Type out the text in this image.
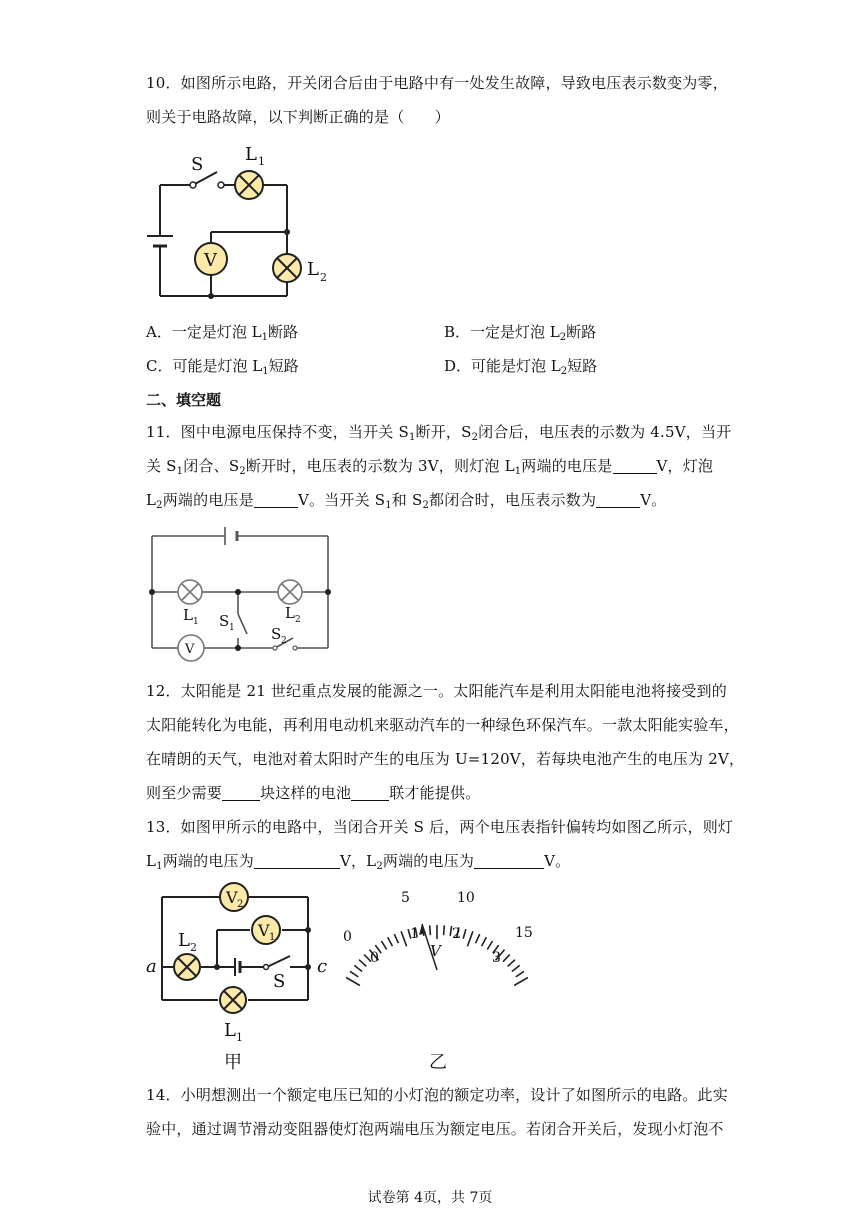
10．如图所示电路，开关闭合后由于电路中有一处发生故障，导致电压表示数变为零，
则关于电路故障，以下判断正确的是（　　）
S L 1
L 2
V
A．一定是灯泡 $L_1$断路	B．一定是灯泡 $L_2$断路
C．可能是灯泡 $L_1$短路	D．可能是灯泡 $L_2$短路
二、填空题
11．图中电源电压保持不变，当开关 $S_1$断开，$S_2$闭合后，电压表的示数为 4.5V，当开
关 $S_1$闭合、$S_2$断开时，电压表的示数为 3V，则灯泡 $L_1$两端的电压是	V，灯泡
$L_2$两端的电压是	V。当开关 $S_1$和 $S_2$都闭合时，电压表示数为	V。
L 1	L 2
S 1 S 2
V
12．太阳能是 21 世纪重点发展的能源之一。太阳能汽车是利用太阳能电池将接受到的
太阳能转化为电能，再利用电动机来驱动汽车的一种绿色环保汽车。一款太阳能实验车，
在晴朗的天气，电池对着太阳时产生的电压为 U=120V，若每块电池产生的电压为 2V，
则至少需要	块这样的电池	联才能提供。
13．如图甲所示的电路中，当闭合开关 S 后，两个电压表指针偏转均如图乙所示，则灯
$L_1$两端的电压为	V，$L_2$两端的电压为	V。
V 2
V 1
L 2
L 1
a	c
S
甲
0
5	10
15
0
1 2
3
V
乙
14．小明想测出一个额定电压已知的小灯泡的额定功率，设计了如图所示的电路。此实
验中，通过调节滑动变阻器使灯泡两端电压为额定电压。若闭合开关后，发现小灯泡不
试卷第 4页，共 7页
